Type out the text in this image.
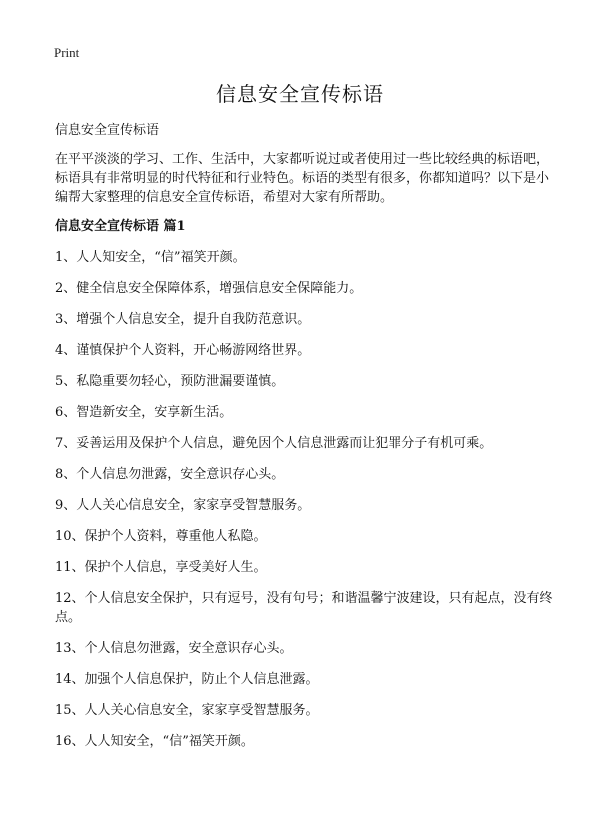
Print
信息安全宣传标语

信息安全宣传标语

在平平淡淡的学习、工作、生活中，大家都听说过或者使用过一些比较经典的标语吧，标语具有非常明显的时代特征和行业特色。标语的类型有很多，你都知道吗？以下是小编帮大家整理的信息安全宣传标语，希望对大家有所帮助。

信息安全宣传标语 篇1
1、人人知安全，“信”福笑开颜。
2、健全信息安全保障体系，增强信息安全保障能力。
3、增强个人信息安全，提升自我防范意识。
4、谨慎保护个人资料，开心畅游网络世界。
5、私隐重要勿轻心，预防泄漏要谨慎。
6、智造新安全，安享新生活。
7、妥善运用及保护个人信息，避免因个人信息泄露而让犯罪分子有机可乘。
8、个人信息勿泄露，安全意识存心头。
9、人人关心信息安全，家家享受智慧服务。
10、保护个人资料，尊重他人私隐。
11、保护个人信息，享受美好人生。
12、个人信息安全保护，只有逗号，没有句号；和谐温馨宁波建设，只有起点，没有终点。
13、个人信息勿泄露，安全意识存心头。
14、加强个人信息保护，防止个人信息泄露。
15、人人关心信息安全，家家享受智慧服务。
16、人人知安全，“信”福笑开颜。
